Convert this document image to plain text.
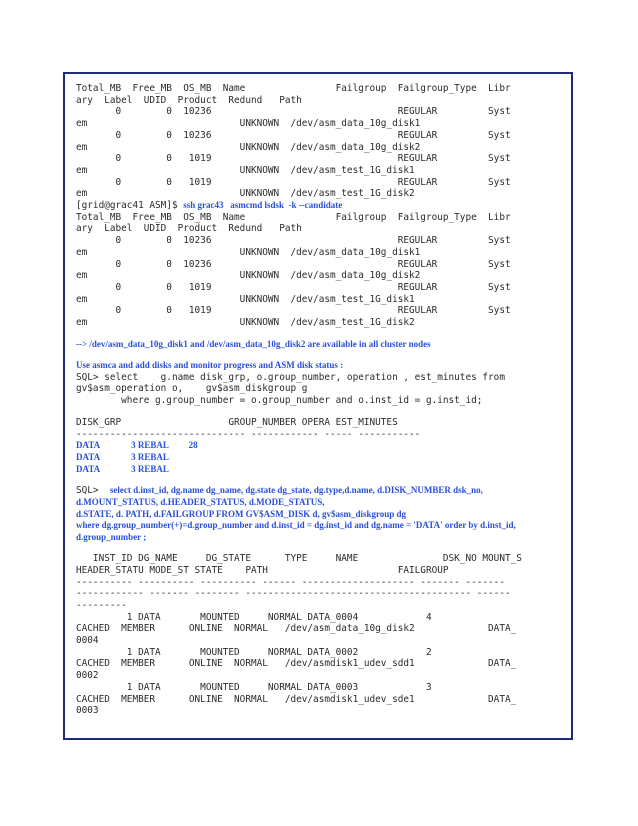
Total_MB  Free_MB  OS_MB  Name                Failgroup  Failgroup_Type  Libr
ary  Label  UDID  Product  Redund   Path
0        0  10236                                 REGULAR         Syst
em                           UNKNOWN  /dev/asm_data_10g_disk1
0        0  10236                                 REGULAR         Syst
em                           UNKNOWN  /dev/asm_data_10g_disk2
0        0   1019                                 REGULAR         Syst
em                           UNKNOWN  /dev/asm_test_1G_disk1
0        0   1019                                 REGULAR         Syst
em                           UNKNOWN  /dev/asm_test_1G_disk2
[grid@grac41 ASM]$ ssh grac43   asmcmd lsdsk  -k --candidate
Total_MB  Free_MB  OS_MB  Name                Failgroup  Failgroup_Type  Libr
ary  Label  UDID  Product  Redund   Path
0        0  10236                                 REGULAR         Syst
em                           UNKNOWN  /dev/asm_data_10g_disk1
0        0  10236                                 REGULAR         Syst
em                           UNKNOWN  /dev/asm_data_10g_disk2
0        0   1019                                 REGULAR         Syst
em                           UNKNOWN  /dev/asm_test_1G_disk1
0        0   1019                                 REGULAR         Syst
em                           UNKNOWN  /dev/asm_test_1G_disk2
--> /dev/asm_data_10g_disk1 and /dev/asm_data_10g_disk2 are available in all cluster nodes
Use asmca and add disks and monitor progress and ASM disk status :
SQL> select    g.name disk_grp, o.group_number, operation , est_minutes from
gv$asm_operation o,    gv$asm_diskgroup g
where g.group_number = o.group_number and o.inst_id = g.inst_id;
DISK_GRP                   GROUP_NUMBER OPERA EST_MINUTES
------------------------------ ------------ ----- -----------
DATA              3 REBAL         28
DATA              3 REBAL
DATA              3 REBAL
SQL>  select d.inst_id, dg.name dg_name, dg.state dg_state, dg.type,d.name, d.DISK_NUMBER dsk_no,
d.MOUNT_STATUS, d.HEADER_STATUS, d.MODE_STATUS,
d.STATE, d. PATH, d.FAILGROUP FROM GV$ASM_DISK d, gv$asm_diskgroup dg
where dg.group_number(+)=d.group_number and d.inst_id = dg.inst_id and dg.name = 'DATA' order by d.inst_id,
d.group_number ;
INST_ID DG_NAME     DG_STATE      TYPE     NAME               DSK_NO MOUNT_S
HEADER_STATU MODE_ST STATE    PATH                       FAILGROUP
---------- ---------- ---------- ------ -------------------- ------- -------
------------ ------- -------- ---------------------------------------- ------
---------
1 DATA       MOUNTED     NORMAL DATA_0004            4
CACHED  MEMBER      ONLINE  NORMAL   /dev/asm_data_10g_disk2             DATA_
0004
1 DATA       MOUNTED     NORMAL DATA_0002            2
CACHED  MEMBER      ONLINE  NORMAL   /dev/asmdisk1_udev_sdd1             DATA_
0002
1 DATA       MOUNTED     NORMAL DATA_0003            3
CACHED  MEMBER      ONLINE  NORMAL   /dev/asmdisk1_udev_sde1             DATA_
0003
